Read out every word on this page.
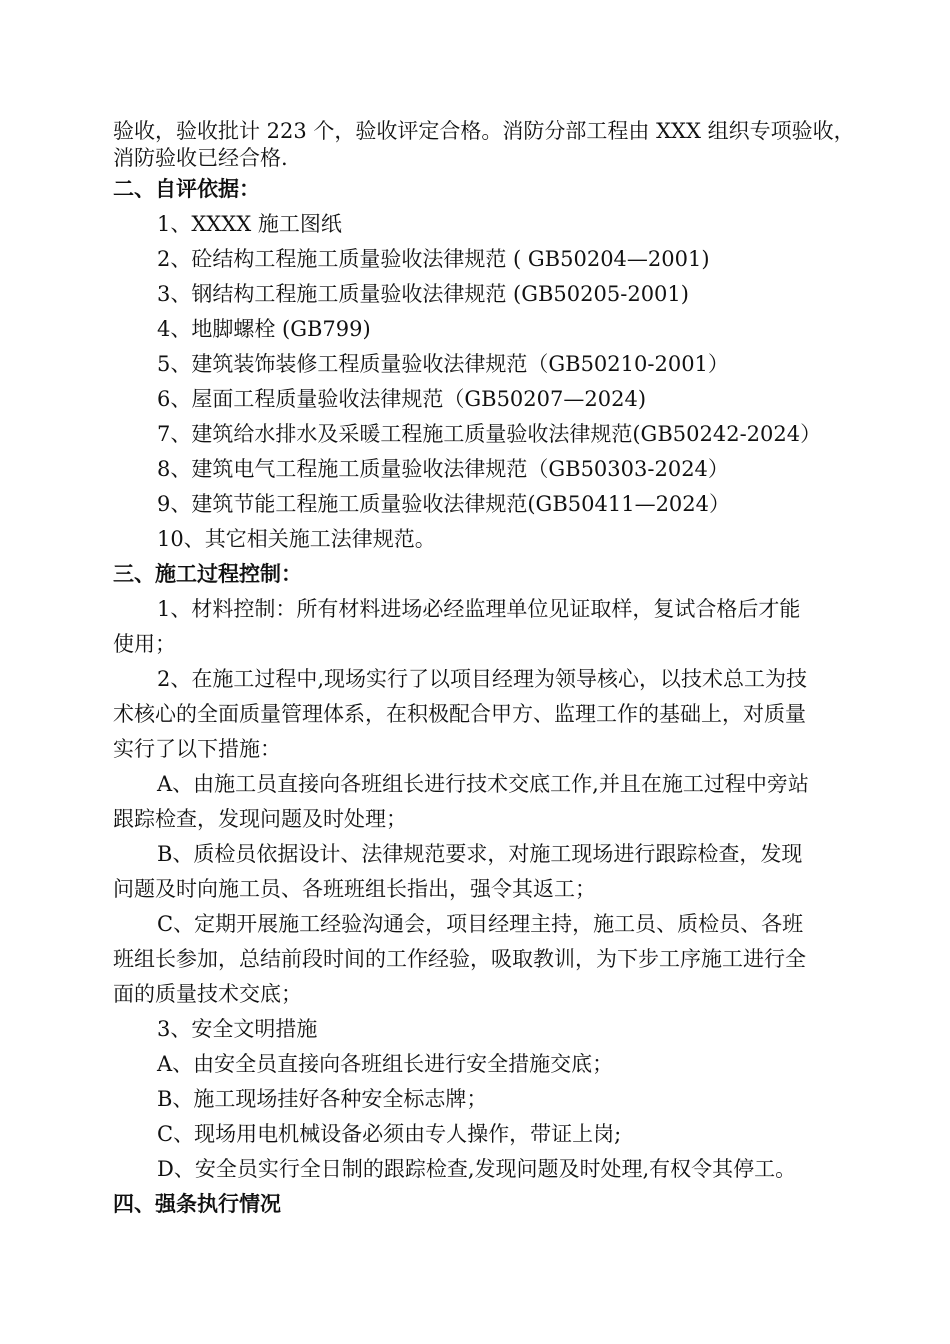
验收，验收批计 223 个，验收评定合格。消防分部工程由 XXX 组织专项验收，
消防验收已经合格.
二、自评依据：
1、XXXX 施工图纸
2、砼结构工程施工质量验收法律规范 ( GB50204—2001)
3、钢结构工程施工质量验收法律规范 (GB50205-2001)
4、地脚螺栓 (GB799)
5、建筑装饰装修工程质量验收法律规范（GB50210-2001）
6、屋面工程质量验收法律规范（GB50207—2024)
7、建筑给水排水及采暖工程施工质量验收法律规范(GB50242-2024）
8、建筑电气工程施工质量验收法律规范（GB50303-2024）
9、建筑节能工程施工质量验收法律规范(GB50411—2024）
10、其它相关施工法律规范。
三、施工过程控制：
1、材料控制：所有材料进场必经监理单位见证取样，复试合格后才能
使用；
2、在施工过程中,现场实行了以项目经理为领导核心，以技术总工为技
术核心的全面质量管理体系，在积极配合甲方、监理工作的基础上，对质量
实行了以下措施：
A、由施工员直接向各班组长进行技术交底工作,并且在施工过程中旁站
跟踪检查，发现问题及时处理；
B、质检员依据设计、法律规范要求，对施工现场进行跟踪检查，发现
问题及时向施工员、各班班组长指出，强令其返工；
C、定期开展施工经验沟通会，项目经理主持，施工员、质检员、各班
班组长参加，总结前段时间的工作经验，吸取教训，为下步工序施工进行全
面的质量技术交底；
3、安全文明措施
A、由安全员直接向各班组长进行安全措施交底；
B、施工现场挂好各种安全标志牌；
C、现场用电机械设备必须由专人操作，带证上岗;
D、安全员实行全日制的跟踪检查,发现问题及时处理,有权令其停工。
四、强条执行情况
